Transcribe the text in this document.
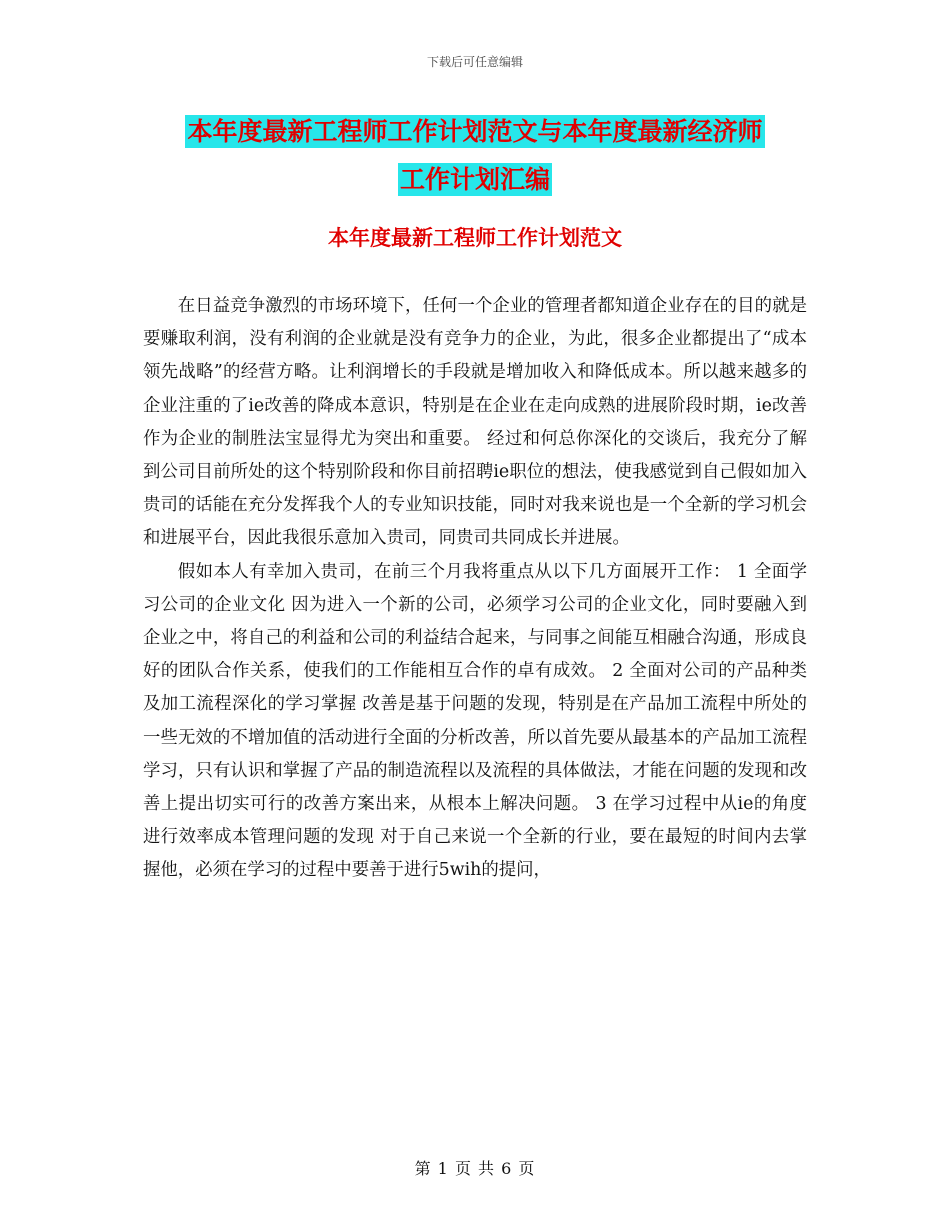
下载后可任意编辑
本年度最新工程师工作计划范文与本年度最新经济师
工作计划汇编
本年度最新工程师工作计划范文

在日益竞争激烈的市场环境下，任何一个企业的管理者都知道企业存在的目的就是要赚取利润，没有利润的企业就是没有竞争力的企业，为此，很多企业都提出了“成本领先战略”的经营方略。让利润增长的手段就是增加收入和降低成本。所以越来越多的企业注重的了ie改善的降成本意识，特别是在企业在走向成熟的进展阶段时期，ie改善作为企业的制胜法宝显得尤为突出和重要。 经过和何总你深化的交谈后，我充分了解到公司目前所处的这个特别阶段和你目前招聘ie职位的想法，使我感觉到自己假如加入贵司的话能在充分发挥我个人的专业知识技能，同时对我来说也是一个全新的学习机会和进展平台，因此我很乐意加入贵司，同贵司共同成长并进展。

假如本人有幸加入贵司，在前三个月我将重点从以下几方面展开工作： 1 全面学习公司的企业文化 因为进入一个新的公司，必须学习公司的企业文化，同时要融入到企业之中，将自己的利益和公司的利益结合起来，与同事之间能互相融合沟通，形成良好的团队合作关系，使我们的工作能相互合作的卓有成效。 2 全面对公司的产品种类及加工流程深化的学习掌握 改善是基于问题的发现，特别是在产品加工流程中所处的一些无效的不增加值的活动进行全面的分析改善，所以首先要从最基本的产品加工流程学习，只有认识和掌握了产品的制造流程以及流程的具体做法，才能在问题的发现和改善上提出切实可行的改善方案出来，从根本上解决问题。 3 在学习过程中从ie的角度进行效率成本管理问题的发现 对于自己来说一个全新的行业，要在最短的时间内去掌握他，必须在学习的过程中要善于进行5wih的提问，

第 1 页 共 6 页
